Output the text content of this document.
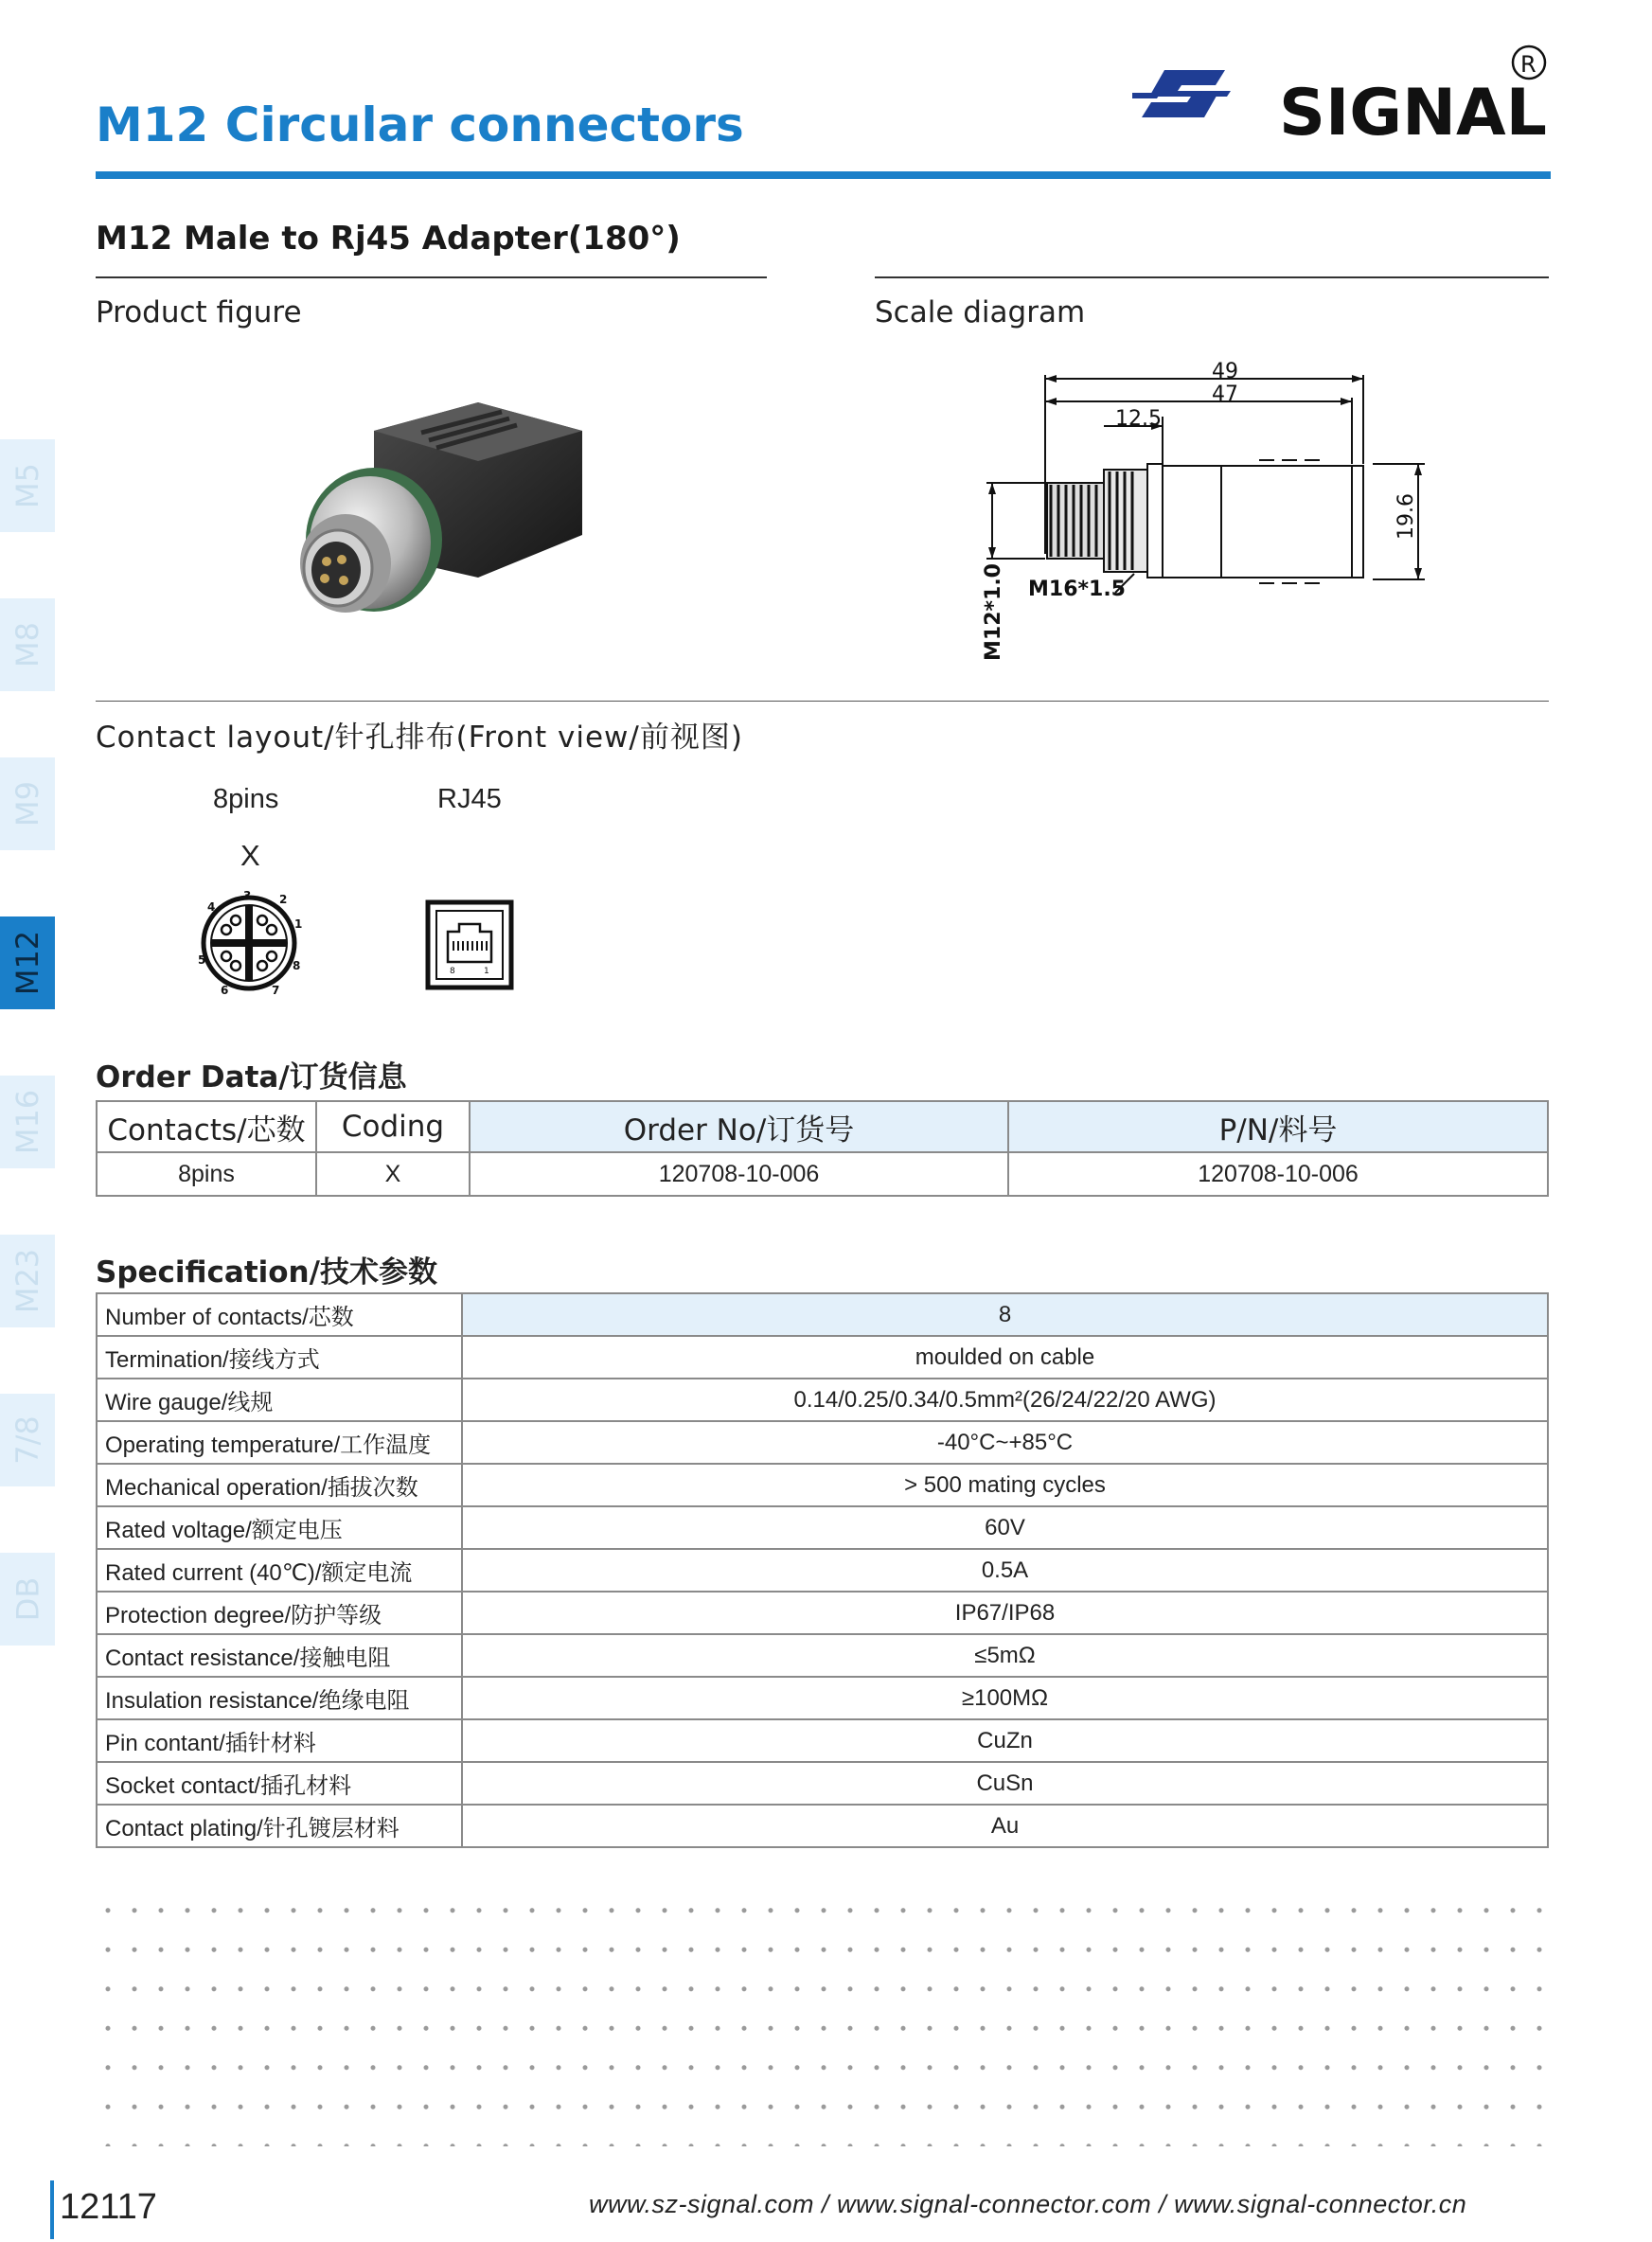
M12 Circular connectors	SIGNAL
R
M5
M8
M9
M12
M16
M23
7/8
DB
M12 Male to Rj45 Adapter(180°)
Product figure	Scale diagram
49
47
12.5
19.6
M12*1.0 M16*1.5
Contact layout/针孔排布(Front view/前视图)
8pins	RJ45
X
1
2
3
4
5
6	7
8	8	1
Order Data/订货信息
Contacts/芯数	Coding	Order No/订货号	P/N/料号
8pins	X	120708-10-006	120708-10-006
Specification/技术参数
Number of contacts/芯数	8
Termination/接线方式	moulded on cable
Wire gauge/线规	0.14/0.25/0.34/0.5mm²(26/24/22/20 AWG)
Operating temperature/工作温度	-40°C~+85°C
Mechanical operation/插拔次数	> 500 mating cycles
Rated voltage/额定电压	60V
Rated current (40℃)/额定电流	0.5A
Protection degree/防护等级	IP67/IP68
Contact resistance/接触电阻	≤5mΩ
Insulation resistance/绝缘电阻	≥100MΩ
Pin contant/插针材料	CuZn
Socket contact/插孔材料	CuSn
Contact plating/针孔镀层材料	Au
12117	www.sz-signal.com / www.signal-connector.com / www.signal-connector.cn
